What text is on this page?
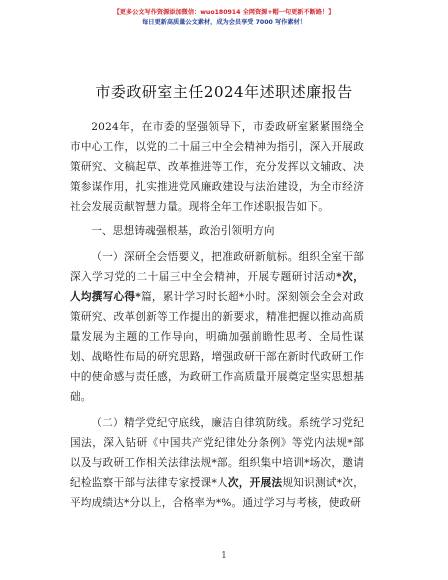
【更多公文写作资源添加微信：wuo180914 全网资源+帽一句更新不断路！】
每日更新高质量公文素材，成为会员享受 7000 写作素材！
市委政研室主任2024年述职述廉报告

2024年，在市委的坚强领导下，市委政研室紧紧围绕全市中心工作，以党的二十届三中全会精神为指引，深入开展政策研究、文稿起草、改革推进等工作，充分发挥以文辅政、决策参谋作用，扎实推进党风廉政建设与法治建设，为全市经济社会发展贡献智慧力量。现将全年工作述职报告如下。

一、思想铸魂强根基，政治引领明方向

（一）深研全会悟要义，把准政研新航标。组织全室干部深入学习党的二十届三中全会精神，开展专题研讨活动*次，人均撰写心得*篇，累计学习时长超*小时。深刻领会全会对政策研究、改革创新等工作提出的新要求，精准把握以推动高质量发展为主题的工作导向，明确加强前瞻性思考、全局性谋划、战略性布局的研究思路，增强政研干部在新时代政研工作中的使命感与责任感，为政研工作高质量开展奠定坚实思想基础。

（二）精学党纪守底线，廉洁自律筑防线。系统学习党纪国法，深入钻研《中国共产党纪律处分条例》等党内法规*部以及与政研工作相关法律法规*部。组织集中培训*场次，邀请纪检监察干部与法律专家授课*人次，开展法规知识测试*次，平均成绩达*分以上，合格率为*%。通过学习与考核，使政研

1
